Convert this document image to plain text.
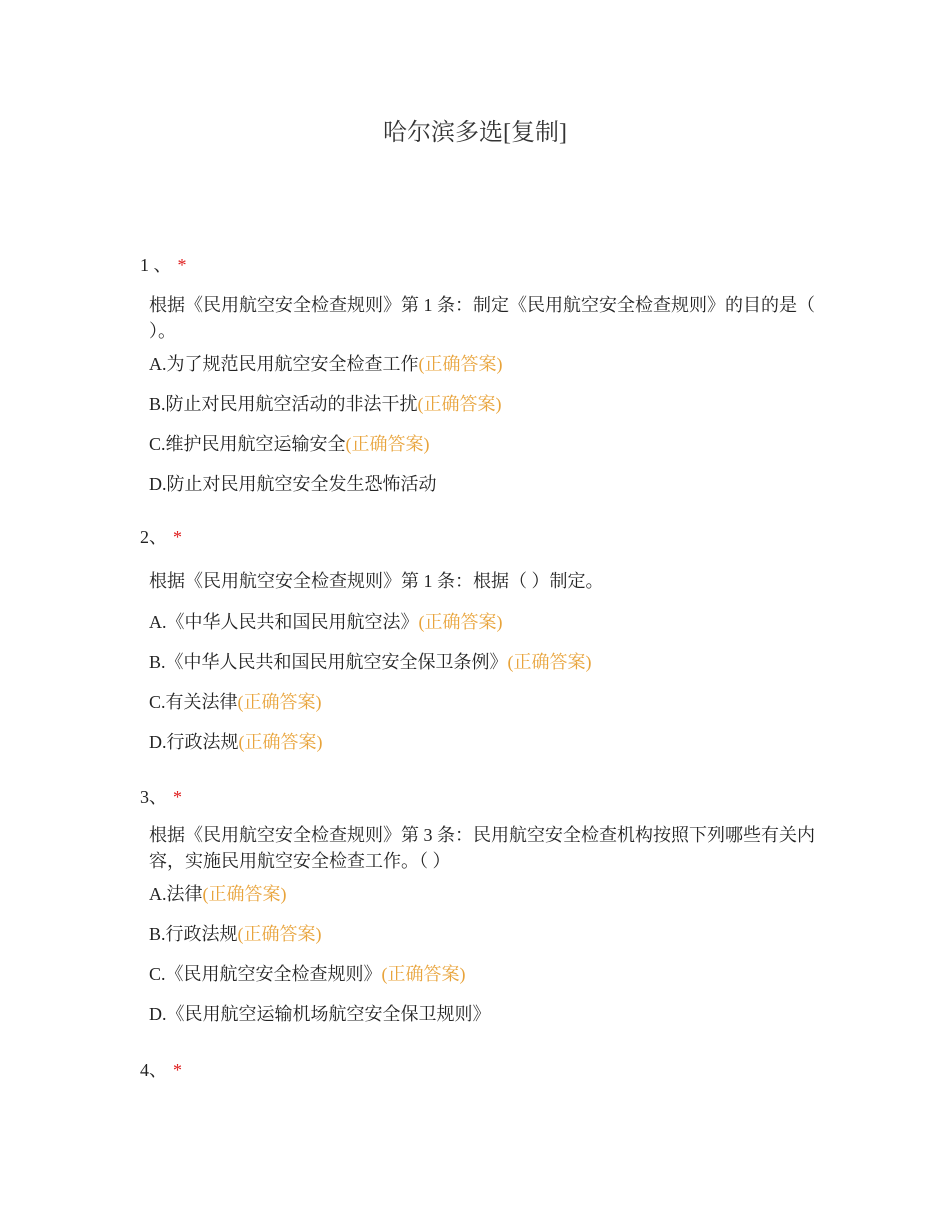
哈尔滨多选[复制]
1 、 *
根据《民用航空安全检查规则》第 1 条：制定《民用航空安全检查规则》的目的是（ ）。
A.为了规范民用航空安全检查工作(正确答案)
B.防止对民用航空活动的非法干扰(正确答案)
C.维护民用航空运输安全(正确答案)
D.防止对民用航空安全发生恐怖活动
2、 *
根据《民用航空安全检查规则》第 1 条：根据（ ）制定。
A.《中华人民共和国民用航空法》(正确答案)
B.《中华人民共和国民用航空安全保卫条例》(正确答案)
C.有关法律(正确答案)
D.行政法规(正确答案)
3、 *
根据《民用航空安全检查规则》第 3 条：民用航空安全检查机构按照下列哪些有关内容，实施民用航空安全检查工作。（ ）
A.法律(正确答案)
B.行政法规(正确答案)
C.《民用航空安全检查规则》(正确答案)
D.《民用航空运输机场航空安全保卫规则》
4、 *
